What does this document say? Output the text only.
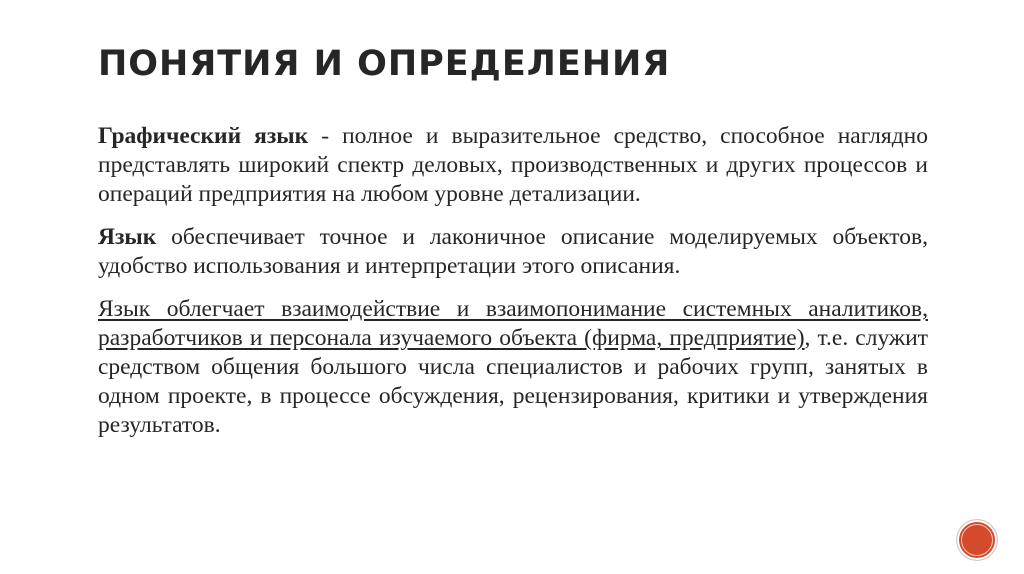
ПОНЯТИЯ И ОПРЕДЕЛЕНИЯ

Графический язык - полное и выразительное средство, способное наглядно представлять широкий спектр деловых, производственных и других процессов и операций предприятия на любом уровне детализации.

Язык обеспечивает точное и лаконичное описание моделируемых объектов, удобство использования и интерпретации этого описания.

Язык облегчает взаимодействие и взаимопонимание системных аналитиков, разработчиков и персонала изучаемого объекта (фирма, предприятие), т.е. служит средством общения большого числа специалистов и рабочих групп, занятых в одном проекте, в процессе обсуждения, рецензирования, критики и утверждения результатов.
